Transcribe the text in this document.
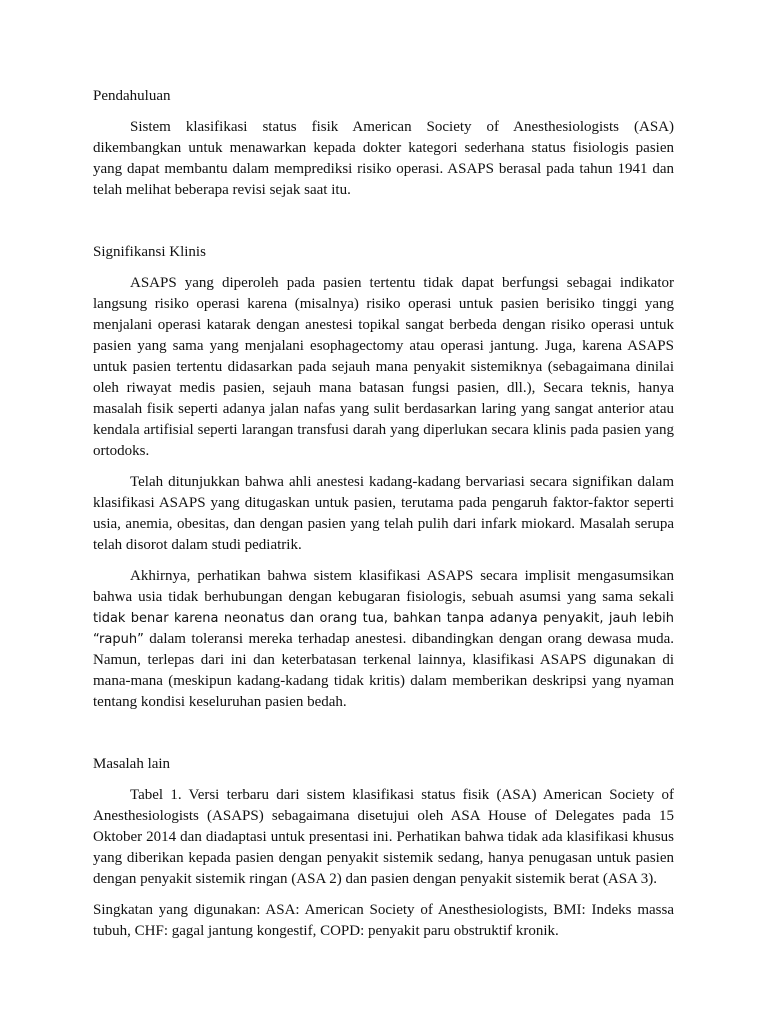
Pendahuluan

Sistem klasifikasi status fisik American Society of Anesthesiologists (ASA) dikembangkan untuk menawarkan kepada dokter kategori sederhana status fisiologis pasien yang dapat membantu dalam memprediksi risiko operasi. ASAPS berasal pada tahun 1941 dan telah melihat beberapa revisi sejak saat itu.

Signifikansi Klinis

ASAPS yang diperoleh pada pasien tertentu tidak dapat berfungsi sebagai indikator langsung risiko operasi karena (misalnya) risiko operasi untuk pasien berisiko tinggi yang menjalani operasi katarak dengan anestesi topikal sangat berbeda dengan risiko operasi untuk pasien yang sama yang menjalani esophagectomy atau operasi jantung. Juga, karena ASAPS untuk pasien tertentu didasarkan pada sejauh mana penyakit sistemiknya (sebagaimana dinilai oleh riwayat medis pasien, sejauh mana batasan fungsi pasien, dll.), Secara teknis, hanya masalah fisik seperti adanya jalan nafas yang sulit berdasarkan laring yang sangat anterior atau kendala artifisial seperti larangan transfusi darah yang diperlukan secara klinis pada pasien yang ortodoks.

Telah ditunjukkan bahwa ahli anestesi kadang-kadang bervariasi secara signifikan dalam klasifikasi ASAPS yang ditugaskan untuk pasien, terutama pada pengaruh faktor-faktor seperti usia, anemia, obesitas, dan dengan pasien yang telah pulih dari infark miokard. Masalah serupa telah disorot dalam studi pediatrik.

Akhirnya, perhatikan bahwa sistem klasifikasi ASAPS secara implisit mengasumsikan bahwa usia tidak berhubungan dengan kebugaran fisiologis, sebuah asumsi yang sama sekali tidak benar karena neonatus dan orang tua, bahkan tanpa adanya penyakit, jauh lebih “rapuh” dalam toleransi mereka terhadap anestesi. dibandingkan dengan orang dewasa muda. Namun, terlepas dari ini dan keterbatasan terkenal lainnya, klasifikasi ASAPS digunakan di mana-mana (meskipun kadang-kadang tidak kritis) dalam memberikan deskripsi yang nyaman tentang kondisi keseluruhan pasien bedah.

Masalah lain

Tabel 1. Versi terbaru dari sistem klasifikasi status fisik (ASA) American Society of Anesthesiologists (ASAPS) sebagaimana disetujui oleh ASA House of Delegates pada 15 Oktober 2014 dan diadaptasi untuk presentasi ini. Perhatikan bahwa tidak ada klasifikasi khusus yang diberikan kepada pasien dengan penyakit sistemik sedang, hanya penugasan untuk pasien dengan penyakit sistemik ringan (ASA 2) dan pasien dengan penyakit sistemik berat (ASA 3).

Singkatan yang digunakan: ASA: American Society of Anesthesiologists, BMI: Indeks massa tubuh, CHF: gagal jantung kongestif, COPD: penyakit paru obstruktif kronik.
